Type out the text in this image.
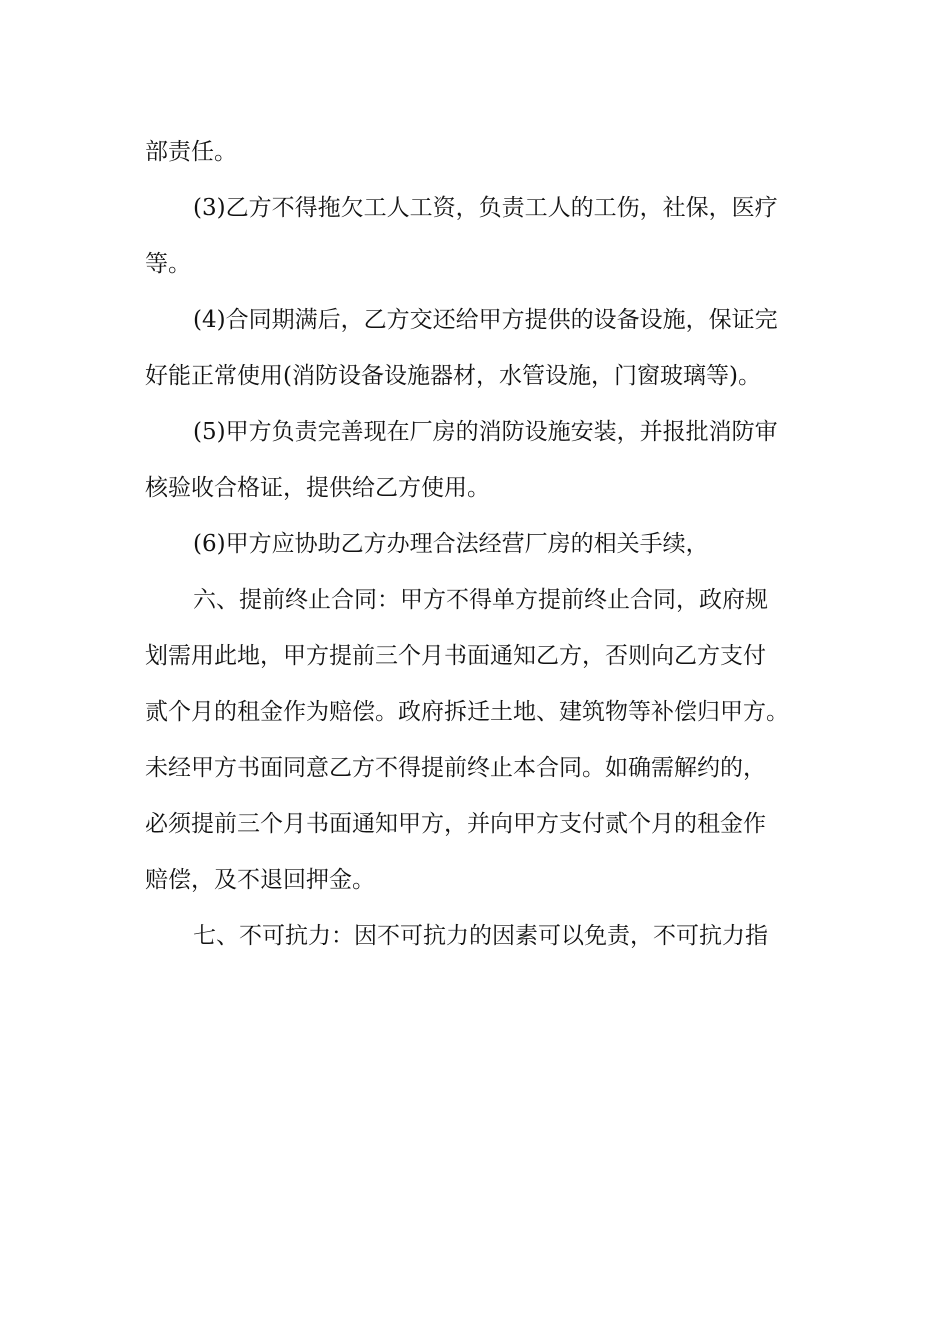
部责任。

(3)乙方不得拖欠工人工资，负责工人的工伤，社保，医疗

等。

(4)合同期满后，乙方交还给甲方提供的设备设施，保证完

好能正常使用(消防设备设施器材，水管设施，门窗玻璃等)。

(5)甲方负责完善现在厂房的消防设施安装，并报批消防审

核验收合格证，提供给乙方使用。

(6)甲方应协助乙方办理合法经营厂房的相关手续，

六、提前终止合同：甲方不得单方提前终止合同，政府规

划需用此地，甲方提前三个月书面通知乙方，否则向乙方支付

贰个月的租金作为赔偿。政府拆迁土地、建筑物等补偿归甲方。

未经甲方书面同意乙方不得提前终止本合同。如确需解约的，

必须提前三个月书面通知甲方，并向甲方支付贰个月的租金作

赔偿，及不退回押金。

七、不可抗力：因不可抗力的因素可以免责，不可抗力指
